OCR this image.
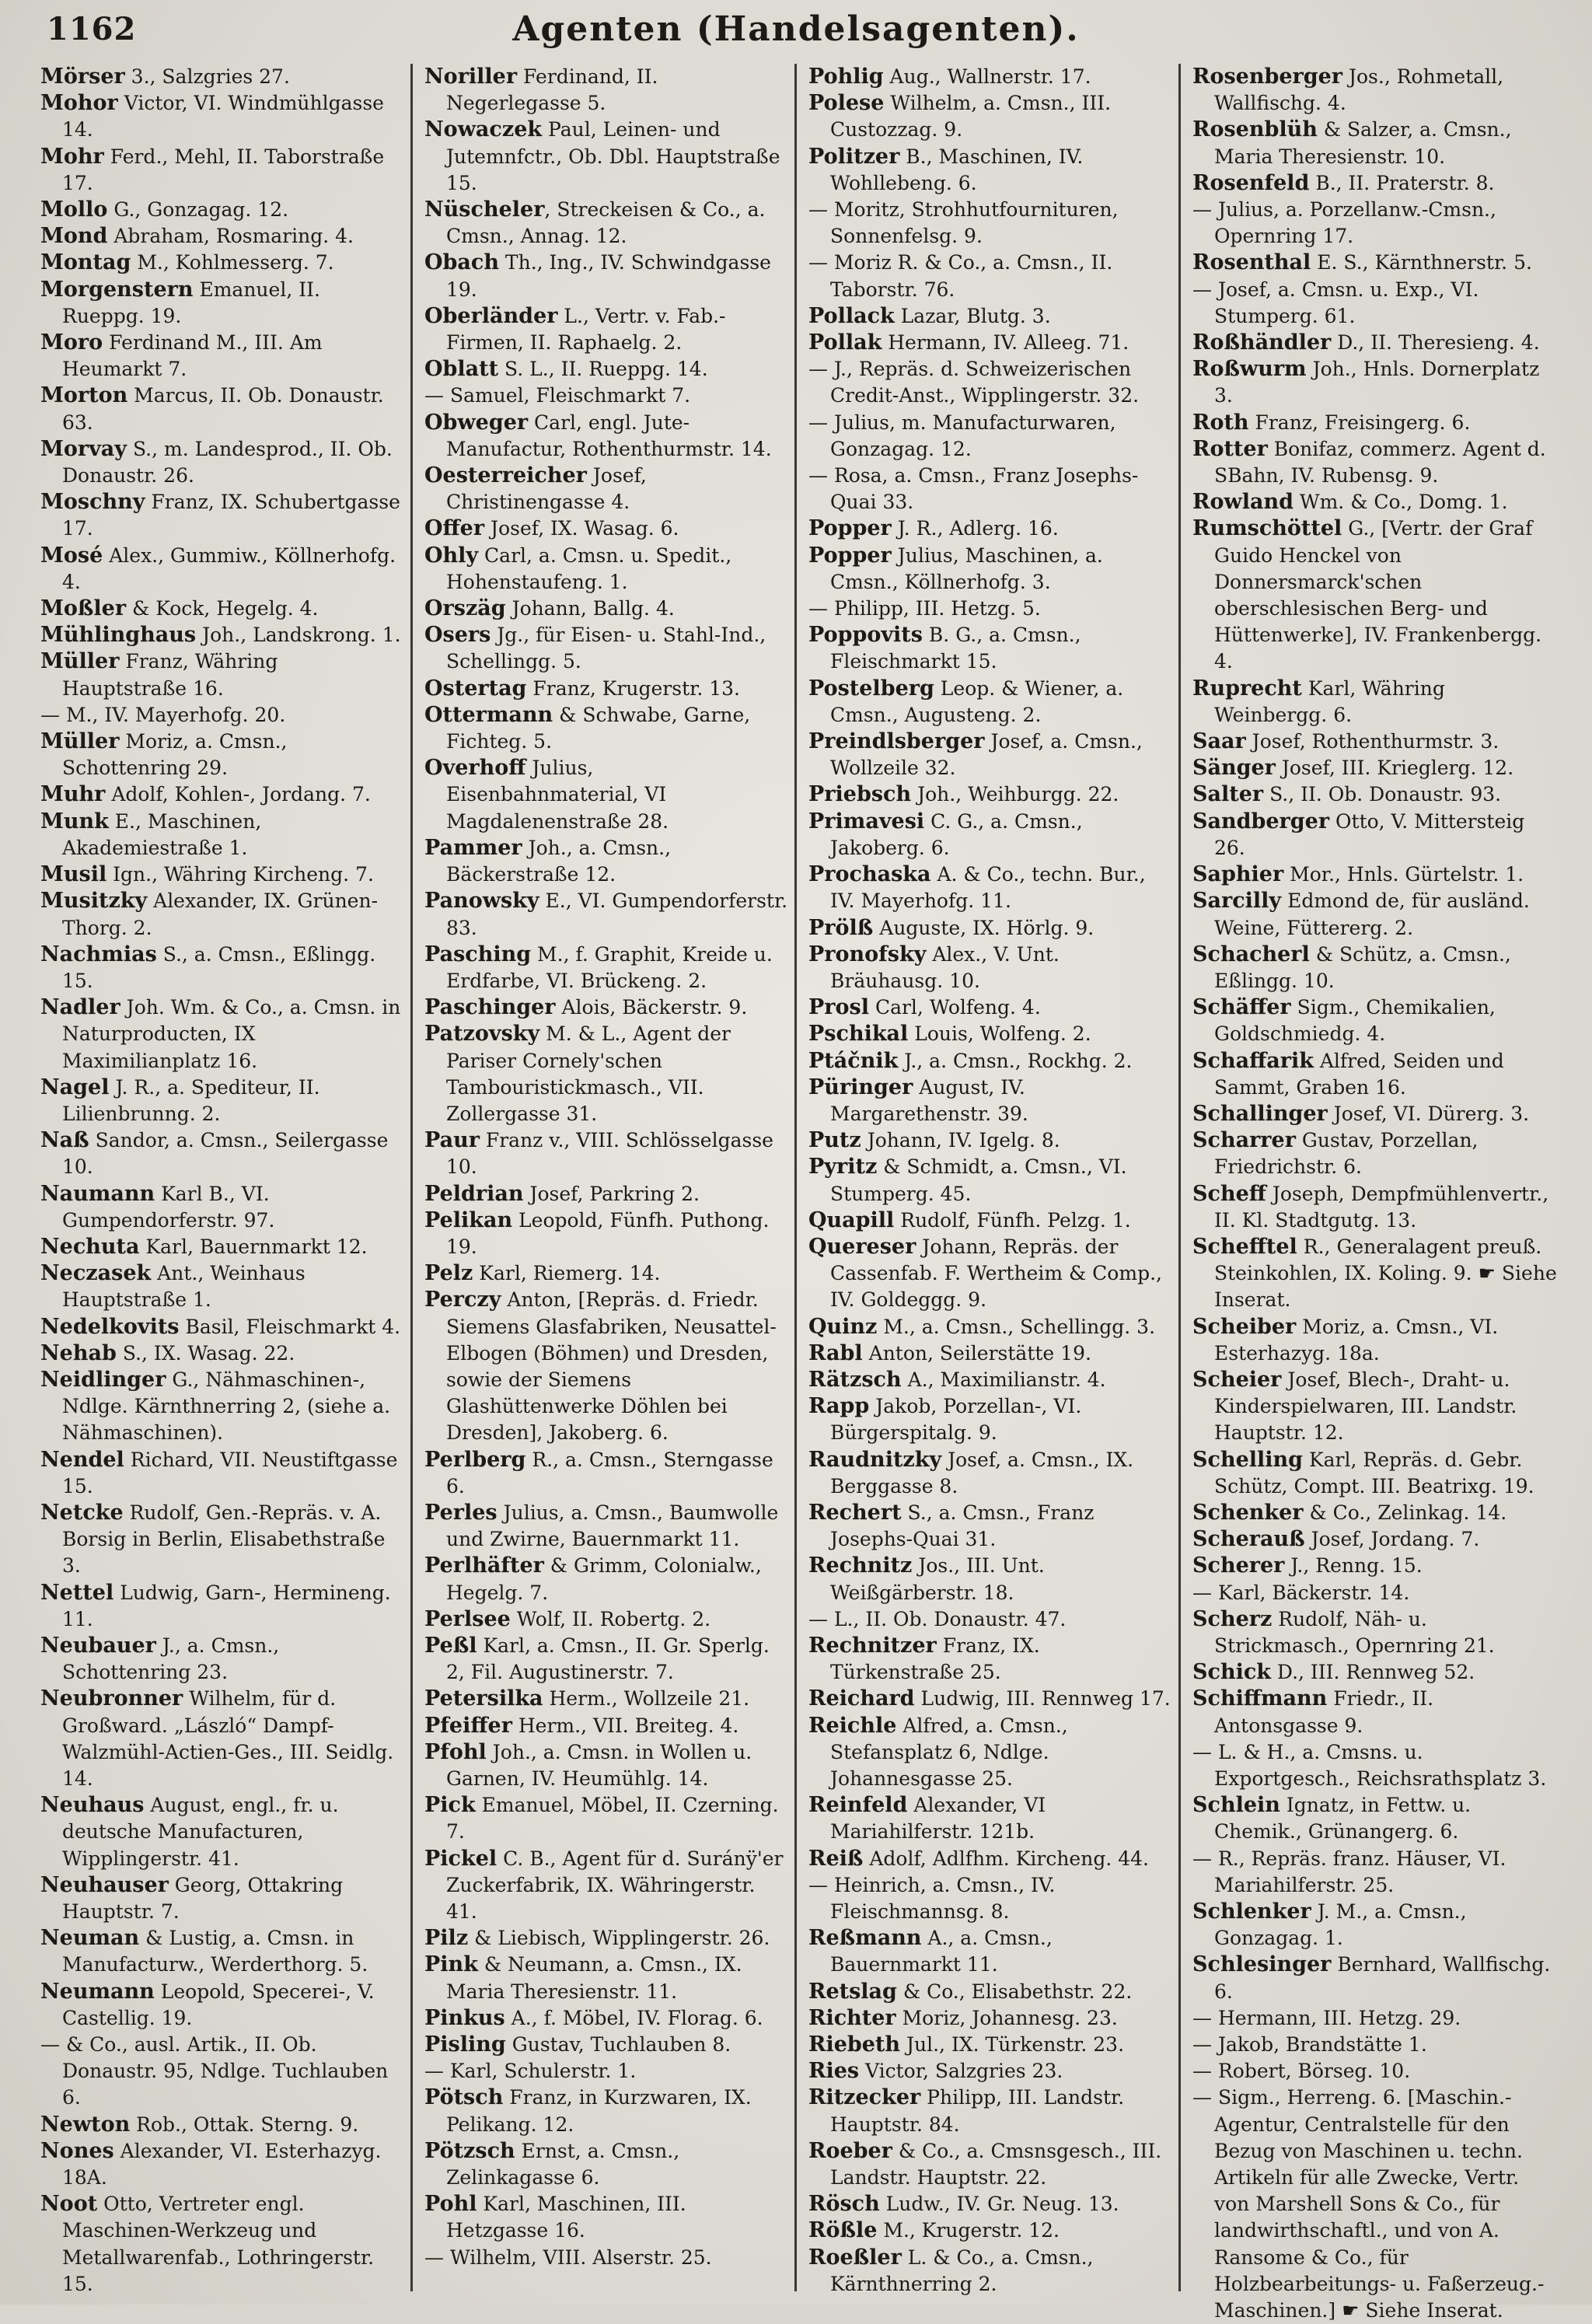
1162	Agenten (Handelsagenten).

Mörser 3., Salzgries 27.

Mohor Victor, VI. Windmühlgasse 14.

Mohr Ferd., Mehl, II. Taborstraße 17.

Mollo G., Gonzagag. 12.

Mond Abraham, Rosmaring. 4.

Montag M., Kohlmesserg. 7.

Morgenstern Emanuel, II. Rueppg. 19.

Moro Ferdinand M., III. Am Heumarkt 7.

Morton Marcus, II. Ob. Donaustr. 63.

Morvay S., m. Landesprod., II. Ob. Donaustr. 26.

Moschny Franz, IX. Schubertgasse 17.

Mosé Alex., Gummiw., Köllnerhofg. 4.

Moßler & Kock, Hegelg. 4.

Mühlinghaus Joh., Landskrong. 1.

Müller Franz, Währing Hauptstraße 16.

— M., IV. Mayerhofg. 20.

Müller Moriz, a. Cmsn., Schottenring 29.

Muhr Adolf, Kohlen-, Jordang. 7.

Munk E., Maschinen, Akademiestraße 1.

Musil Ign., Währing Kircheng. 7.

Musitzky Alexander, IX. Grünen-Thorg. 2.

Nachmias S., a. Cmsn., Eßlingg. 15.

Nadler Joh. Wm. & Co., a. Cmsn. in Naturproducten, IX Maximilianplatz 16.

Nagel J. R., a. Spediteur, II. Lilienbrunng. 2.

Naß Sandor, a. Cmsn., Seilergasse 10.

Naumann Karl B., VI. Gumpendorferstr. 97.

Nechuta Karl, Bauernmarkt 12.

Neczasek Ant., Weinhaus Hauptstraße 1.

Nedelkovits Basil, Fleischmarkt 4.

Nehab S., IX. Wasag. 22.

Neidlinger G., Nähmaschinen-, Ndlge. Kärnthnerring 2, (siehe a. Nähmaschinen).

Nendel Richard, VII. Neustiftgasse 15.

Netcke Rudolf, Gen.-Repräs. v. A. Borsig in Berlin, Elisabethstraße 3.

Nettel Ludwig, Garn-, Hermineng. 11.

Neubauer J., a. Cmsn., Schottenring 23.

Neubronner Wilhelm, für d. Großward. „László“ Dampf-Walzmühl-Actien-Ges., III. Seidlg. 14.

Neuhaus August, engl., fr. u. deutsche Manufacturen, Wipplingerstr. 41.

Neuhauser Georg, Ottakring Hauptstr. 7.

Neuman & Lustig, a. Cmsn. in Manufacturw., Werderthorg. 5.

Neumann Leopold, Specerei-, V. Castellig. 19.

— & Co., ausl. Artik., II. Ob. Donaustr. 95, Ndlge. Tuchlauben 6.

Newton Rob., Ottak. Sterng. 9.

Nones Alexander, VI. Esterhazyg. 18A.

Noot Otto, Vertreter engl. Maschinen-Werkzeug und Metallwarenfab., Lothringerstr. 15.

Noriller Ferdinand, II. Negerlegasse 5.

Nowaczek Paul, Leinen- und Jutemnfctr., Ob. Dbl. Hauptstraße 15.

Nüscheler, Streckeisen & Co., a. Cmsn., Annag. 12.

Obach Th., Ing., IV. Schwindgasse 19.

Oberländer L., Vertr. v. Fab.-Firmen, II. Raphaelg. 2.

Oblatt S. L., II. Rueppg. 14.

— Samuel, Fleischmarkt 7.

Obweger Carl, engl. Jute-Manufactur, Rothenthurmstr. 14.

Oesterreicher Josef, Christinengasse 4.

Offer Josef, IX. Wasag. 6.

Ohly Carl, a. Cmsn. u. Spedit., Hohenstaufeng. 1.

Orszäg Johann, Ballg. 4.

Osers Jg., für Eisen- u. Stahl-Ind., Schellingg. 5.

Ostertag Franz, Krugerstr. 13.

Ottermann & Schwabe, Garne, Fichteg. 5.

Overhoff Julius, Eisenbahnmaterial, VI Magdalenenstraße 28.

Pammer Joh., a. Cmsn., Bäckerstraße 12.

Panowsky E., VI. Gumpendorferstr. 83.

Pasching M., f. Graphit, Kreide u. Erdfarbe, VI. Brückeng. 2.

Paschinger Alois, Bäckerstr. 9.

Patzovsky M. & L., Agent der Pariser Cornely'schen Tambouristickmasch., VII. Zollergasse 31.

Paur Franz v., VIII. Schlösselgasse 10.

Peldrian Josef, Parkring 2.

Pelikan Leopold, Fünfh. Puthong. 19.

Pelz Karl, Riemerg. 14.

Perczy Anton, [Repräs. d. Friedr. Siemens Glasfabriken, Neusattel-Elbogen (Böhmen) und Dresden, sowie der Siemens Glashüttenwerke Döhlen bei Dresden], Jakoberg. 6.

Perlberg R., a. Cmsn., Sterngasse 6.

Perles Julius, a. Cmsn., Baumwolle und Zwirne, Bauernmarkt 11.

Perlhäfter & Grimm, Colonialw., Hegelg. 7.

Perlsee Wolf, II. Robertg. 2.

Peßl Karl, a. Cmsn., II. Gr. Sperlg. 2, Fil. Augustinerstr. 7.

Petersilka Herm., Wollzeile 21.

Pfeiffer Herm., VII. Breiteg. 4.

Pfohl Joh., a. Cmsn. in Wollen u. Garnen, IV. Heumühlg. 14.

Pick Emanuel, Möbel, II. Czerning. 7.

Pickel C. B., Agent für d. Suránÿ'er Zuckerfabrik, IX. Währingerstr. 41.

Pilz & Liebisch, Wipplingerstr. 26.

Pink & Neumann, a. Cmsn., IX. Maria Theresienstr. 11.

Pinkus A., f. Möbel, IV. Florag. 6.

Pisling Gustav, Tuchlauben 8.

— Karl, Schulerstr. 1.

Pötsch Franz, in Kurzwaren, IX. Pelikang. 12.

Pötzsch Ernst, a. Cmsn., Zelinkagasse 6.

Pohl Karl, Maschinen, III. Hetzgasse 16.

— Wilhelm, VIII. Alserstr. 25.

Pohlig Aug., Wallnerstr. 17.

Polese Wilhelm, a. Cmsn., III. Custozzag. 9.

Politzer B., Maschinen, IV. Wohllebeng. 6.

— Moritz, Strohhutfournituren, Sonnenfelsg. 9.

— Moriz R. & Co., a. Cmsn., II. Taborstr. 76.

Pollack Lazar, Blutg. 3.

Pollak Hermann, IV. Alleeg. 71.

— J., Repräs. d. Schweizerischen Credit-Anst., Wipplingerstr. 32.

— Julius, m. Manufacturwaren, Gonzagag. 12.

— Rosa, a. Cmsn., Franz Josephs-Quai 33.

Popper J. R., Adlerg. 16.

Popper Julius, Maschinen, a. Cmsn., Köllnerhofg. 3.

— Philipp, III. Hetzg. 5.

Poppovits B. G., a. Cmsn., Fleischmarkt 15.

Postelberg Leop. & Wiener, a. Cmsn., Augusteng. 2.

Preindlsberger Josef, a. Cmsn., Wollzeile 32.

Priebsch Joh., Weihburgg. 22.

Primavesi C. G., a. Cmsn., Jakoberg. 6.

Prochaska A. & Co., techn. Bur., IV. Mayerhofg. 11.

Prölß Auguste, IX. Hörlg. 9.

Pronofsky Alex., V. Unt. Bräuhausg. 10.

Prosl Carl, Wolfeng. 4.

Pschikal Louis, Wolfeng. 2.

Ptáčnik J., a. Cmsn., Rockhg. 2.

Püringer August, IV. Margarethenstr. 39.

Putz Johann, IV. Igelg. 8.

Pyritz & Schmidt, a. Cmsn., VI. Stumperg. 45.

Quapill Rudolf, Fünfh. Pelzg. 1.

Quereser Johann, Repräs. der Cassenfab. F. Wertheim & Comp., IV. Goldeggg. 9.

Quinz M., a. Cmsn., Schellingg. 3.

Rabl Anton, Seilerstätte 19.

Rätzsch A., Maximilianstr. 4.

Rapp Jakob, Porzellan-, VI. Bürgerspitalg. 9.

Raudnitzky Josef, a. Cmsn., IX. Berggasse 8.

Rechert S., a. Cmsn., Franz Josephs-Quai 31.

Rechnitz Jos., III. Unt. Weißgärberstr. 18.

— L., II. Ob. Donaustr. 47.

Rechnitzer Franz, IX. Türkenstraße 25.

Reichard Ludwig, III. Rennweg 17.

Reichle Alfred, a. Cmsn., Stefansplatz 6, Ndlge. Johannesgasse 25.

Reinfeld Alexander, VI Mariahilferstr. 121b.

Reiß Adolf, Adlfhm. Kircheng. 44.

— Heinrich, a. Cmsn., IV. Fleischmannsg. 8.

Reßmann A., a. Cmsn., Bauernmarkt 11.

Retslag & Co., Elisabethstr. 22.

Richter Moriz, Johannesg. 23.

Riebeth Jul., IX. Türkenstr. 23.

Ries Victor, Salzgries 23.

Ritzecker Philipp, III. Landstr. Hauptstr. 84.

Roeber & Co., a. Cmsnsgesch., III. Landstr. Hauptstr. 22.

Rösch Ludw., IV. Gr. Neug. 13.

Rößle M., Krugerstr. 12.

Roeßler L. & Co., a. Cmsn., Kärnthnerring 2.

Rosenberger Jos., Rohmetall, Wallfischg. 4.

Rosenblüh & Salzer, a. Cmsn., Maria Theresienstr. 10.

Rosenfeld B., II. Praterstr. 8.

— Julius, a. Porzellanw.-Cmsn., Opernring 17.

Rosenthal E. S., Kärnthnerstr. 5.

— Josef, a. Cmsn. u. Exp., VI. Stumperg. 61.

Roßhändler D., II. Theresieng. 4.

Roßwurm Joh., Hnls. Dornerplatz 3.

Roth Franz, Freisingerg. 6.

Rotter Bonifaz, commerz. Agent d. SBahn, IV. Rubensg. 9.

Rowland Wm. & Co., Domg. 1.

Rumschöttel G., [Vertr. der Graf Guido Henckel von Donnersmarck'schen oberschlesischen Berg- und Hüttenwerke], IV. Frankenbergg. 4.

Ruprecht Karl, Währing Weinbergg. 6.

Saar Josef, Rothenthurmstr. 3.

Sänger Josef, III. Krieglerg. 12.

Salter S., II. Ob. Donaustr. 93.

Sandberger Otto, V. Mittersteig 26.

Saphier Mor., Hnls. Gürtelstr. 1.

Sarcilly Edmond de, für ausländ. Weine, Füttererg. 2.

Schacherl & Schütz, a. Cmsn., Eßlingg. 10.

Schäffer Sigm., Chemikalien, Goldschmiedg. 4.

Schaffarik Alfred, Seiden und Sammt, Graben 16.

Schallinger Josef, VI. Dürerg. 3.

Scharrer Gustav, Porzellan, Friedrichstr. 6.

Scheff Joseph, Dempfmühlenvertr., II. Kl. Stadtgutg. 13.

Schefftel R., Generalagent preuß. Steinkohlen, IX. Koling. 9. ☛ Siehe Inserat.

Scheiber Moriz, a. Cmsn., VI. Esterhazyg. 18a.

Scheier Josef, Blech-, Draht- u. Kinderspielwaren, III. Landstr. Hauptstr. 12.

Schelling Karl, Repräs. d. Gebr. Schütz, Compt. III. Beatrixg. 19.

Schenker & Co., Zelinkag. 14.

Scherauß Josef, Jordang. 7.

Scherer J., Renng. 15.

— Karl, Bäckerstr. 14.

Scherz Rudolf, Näh- u. Strickmasch., Opernring 21.

Schick D., III. Rennweg 52.

Schiffmann Friedr., II. Antonsgasse 9.

— L. & H., a. Cmsns. u. Exportgesch., Reichsrathsplatz 3.

Schlein Ignatz, in Fettw. u. Chemik., Grünangerg. 6.

— R., Repräs. franz. Häuser, VI. Mariahilferstr. 25.

Schlenker J. M., a. Cmsn., Gonzagag. 1.

Schlesinger Bernhard, Wallfischg. 6.

— Hermann, III. Hetzg. 29.

— Jakob, Brandstätte 1.

— Robert, Börseg. 10.

— Sigm., Herreng. 6. [Maschin.-Agentur, Centralstelle für den Bezug von Maschinen u. techn. Artikeln für alle Zwecke, Vertr. von Marshell Sons & Co., für landwirthschaftl., und von A. Ransome & Co., für Holzbearbeitungs- u. Faßerzeug.-Maschinen.] ☛ Siehe Inserat.
